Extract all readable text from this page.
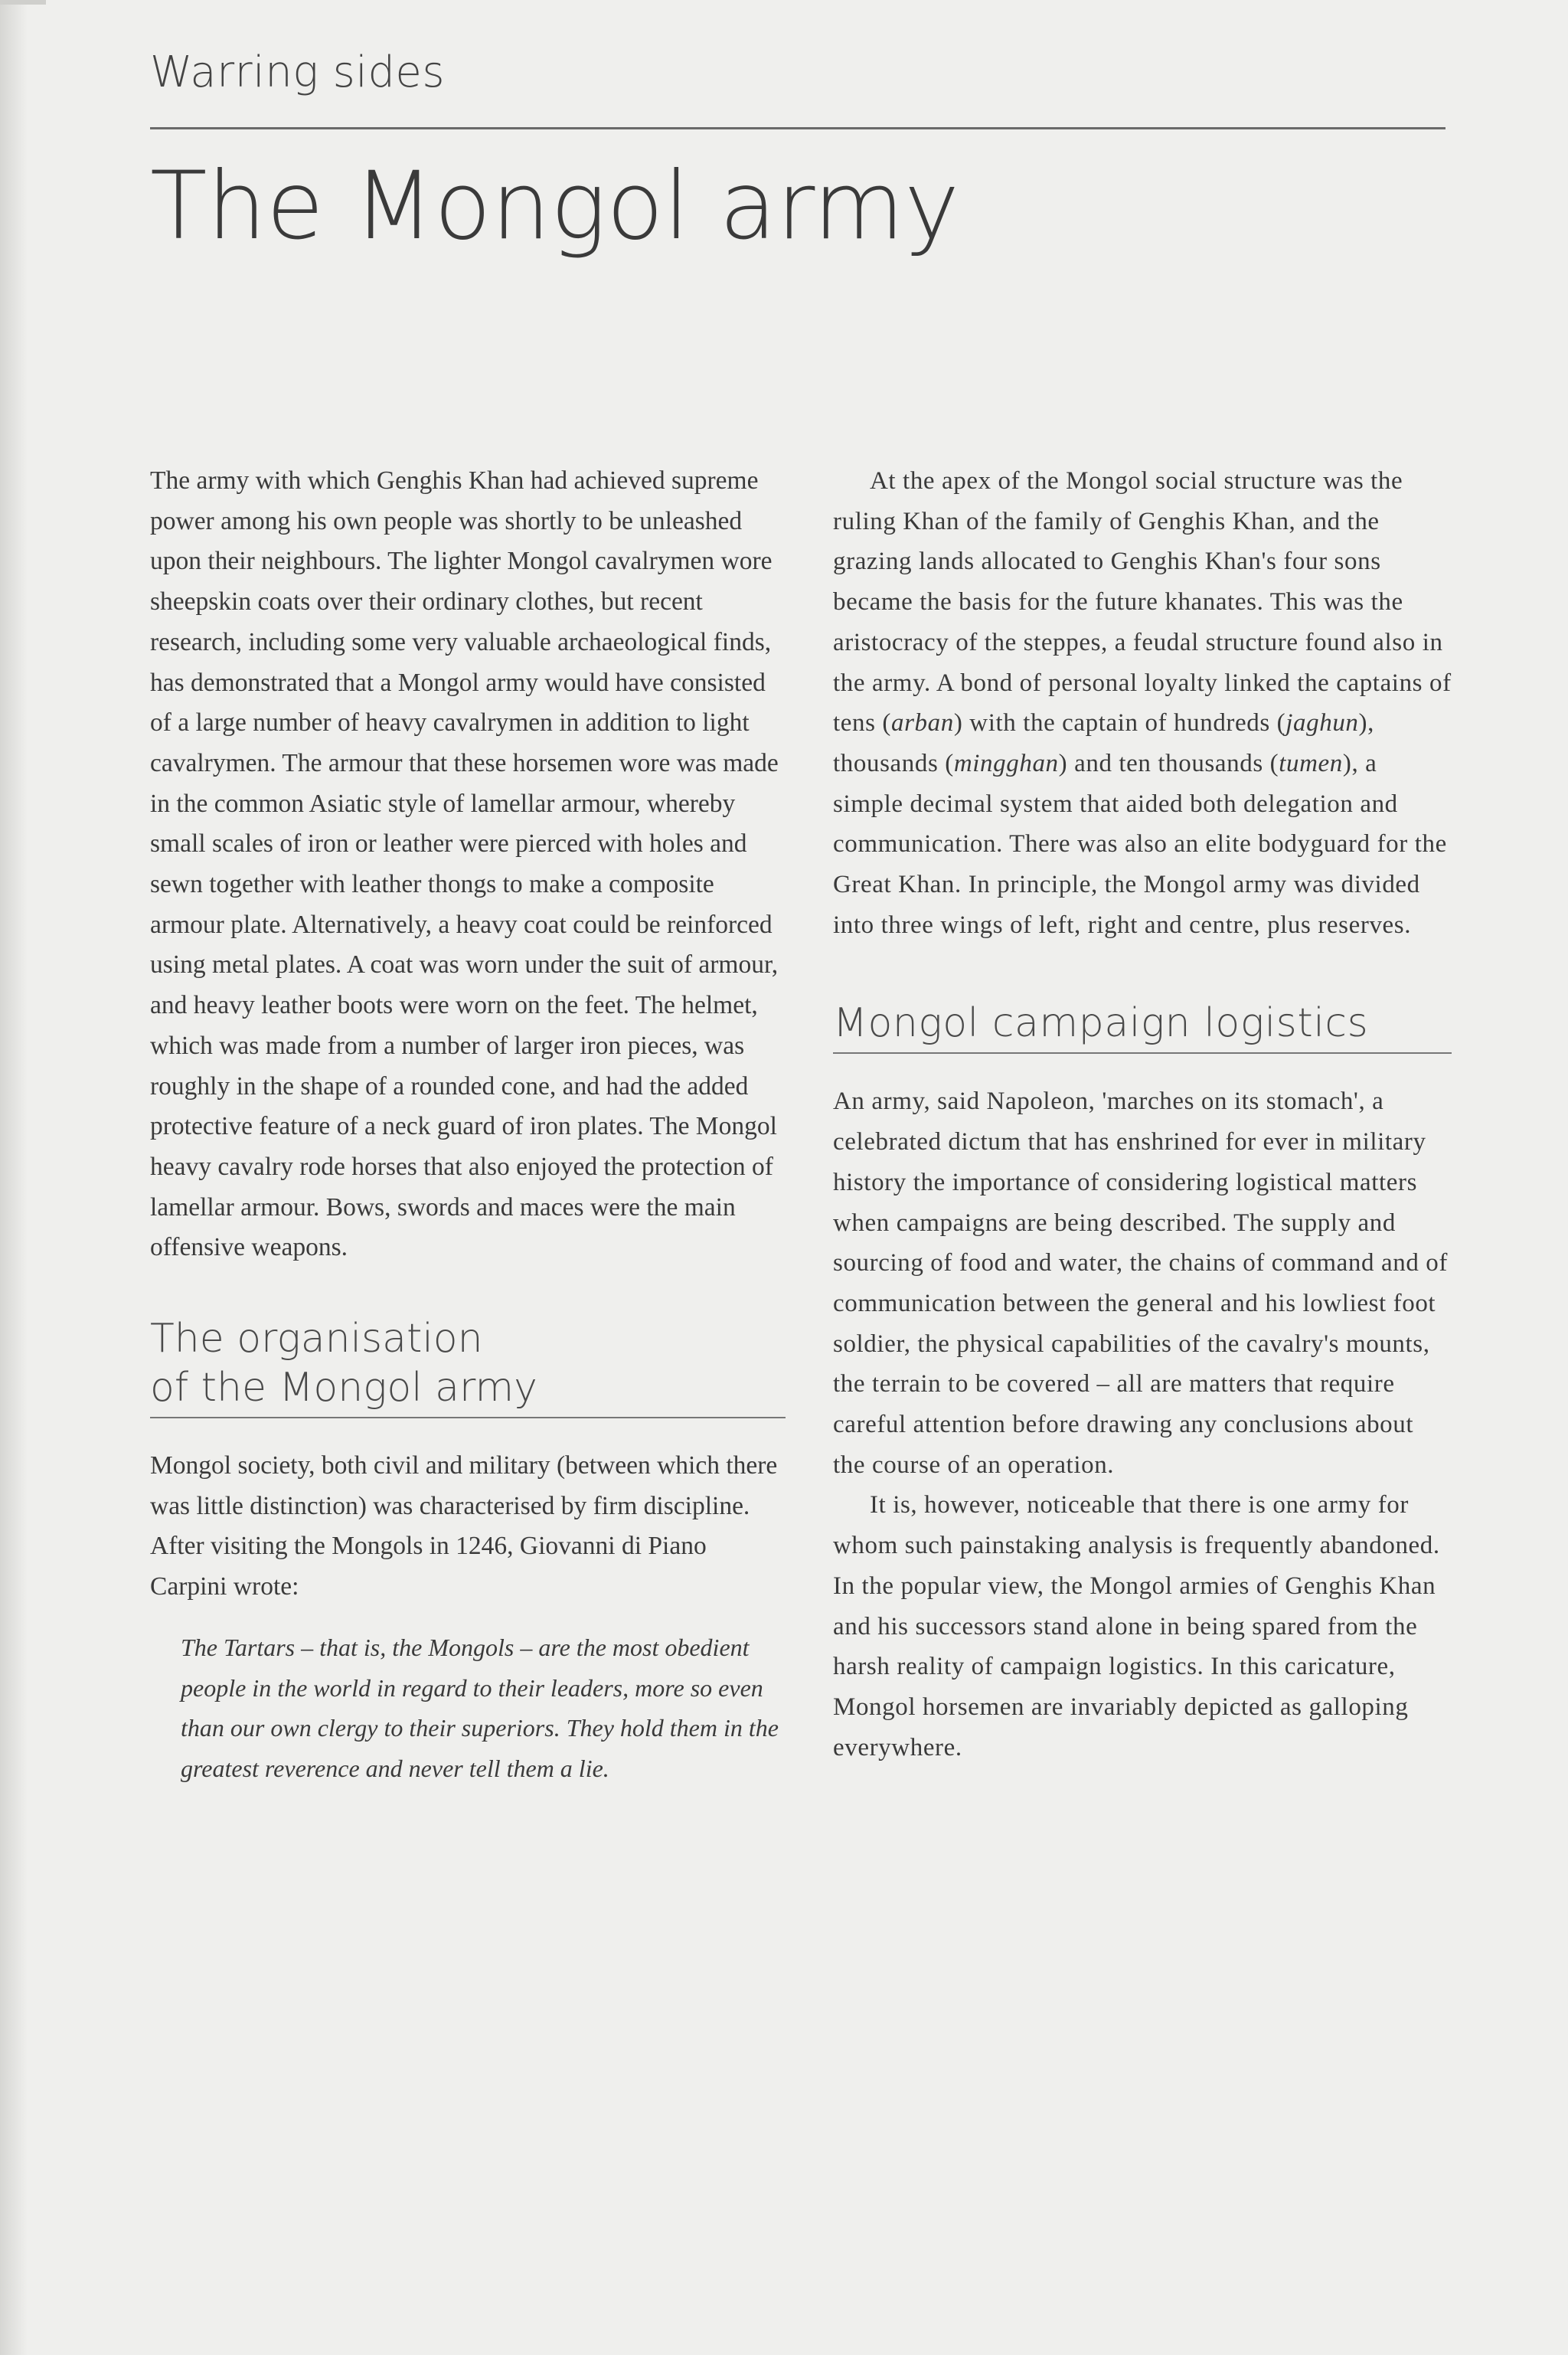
Warring sides
The Mongol army

The army with which Genghis Khan had achieved supreme power among his own people was shortly to be unleashed upon their neighbours. The lighter Mongol cavalrymen wore sheepskin coats over their ordinary clothes, but recent research, including some very valuable archaeological finds, has demonstrated that a Mongol army would have consisted of a large number of heavy cavalrymen in addition to light cavalrymen. The armour that these horsemen wore was made in the common Asiatic style of lamellar armour, whereby small scales of iron or leather were pierced with holes and sewn together with leather thongs to make a composite armour plate. Alternatively, a heavy coat could be reinforced using metal plates. A coat was worn under the suit of armour, and heavy leather boots were worn on the feet. The helmet, which was made from a number of larger iron pieces, was roughly in the shape of a rounded cone, and had the added protective feature of a neck guard of iron plates. The Mongol heavy cavalry rode horses that also enjoyed the protection of lamellar armour. Bows, swords and maces were the main offensive weapons.

The organisation
of the Mongol army

Mongol society, both civil and military (between which there was little distinction) was characterised by firm discipline. After visiting the Mongols in 1246, Giovanni di Piano Carpini wrote:

The Tartars – that is, the Mongols – are the most obedient people in the world in regard to their leaders, more so even than our own clergy to their superiors. They hold them in the greatest reverence and never tell them a lie.

At the apex of the Mongol social structure was the ruling Khan of the family of Genghis Khan, and the grazing lands allocated to Genghis Khan's four sons became the basis for the future khanates. This was the aristocracy of the steppes, a feudal structure found also in the army. A bond of personal loyalty linked the captains of tens (arban) with the captain of hundreds (jaghun), thousands (mingghan) and ten thousands (tumen), a simple decimal system that aided both delegation and communication. There was also an elite bodyguard for the Great Khan. In principle, the Mongol army was divided into three wings of left, right and centre, plus reserves.

Mongol campaign logistics

An army, said Napoleon, 'marches on its stomach', a celebrated dictum that has enshrined for ever in military history the importance of considering logistical matters when campaigns are being described. The supply and sourcing of food and water, the chains of command and of communication between the general and his lowliest foot soldier, the physical capabilities of the cavalry's mounts, the terrain to be covered – all are matters that require careful attention before drawing any conclusions about the course of an operation.

It is, however, noticeable that there is one army for whom such painstaking analysis is frequently abandoned. In the popular view, the Mongol armies of Genghis Khan and his successors stand alone in being spared from the harsh reality of campaign logistics. In this caricature, Mongol horsemen are invariably depicted as galloping everywhere.
